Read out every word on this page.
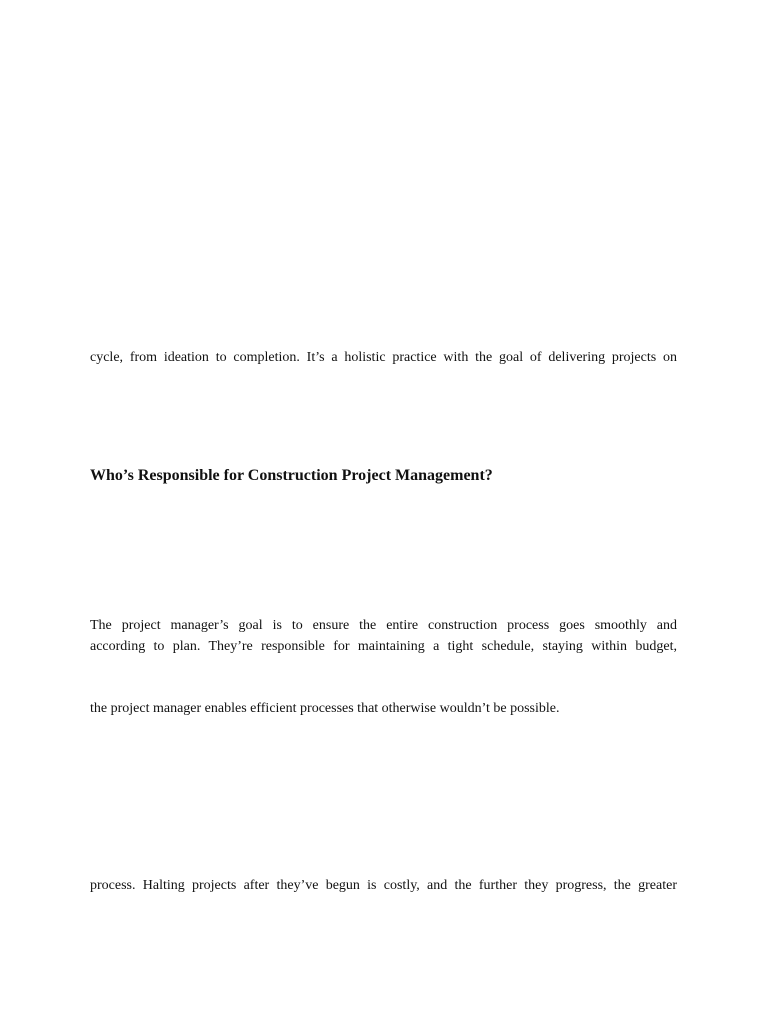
cycle, from ideation to completion. It’s a holistic practice with the goal of delivering projects on
Who’s Responsible for Construction Project Management?
The project manager’s goal is to ensure the entire construction process goes smoothly and
according to plan. They’re responsible for maintaining a tight schedule, staying within budget,
the project manager enables efficient processes that otherwise wouldn’t be possible.
process. Halting projects after they’ve begun is costly, and the further they progress, the greater
